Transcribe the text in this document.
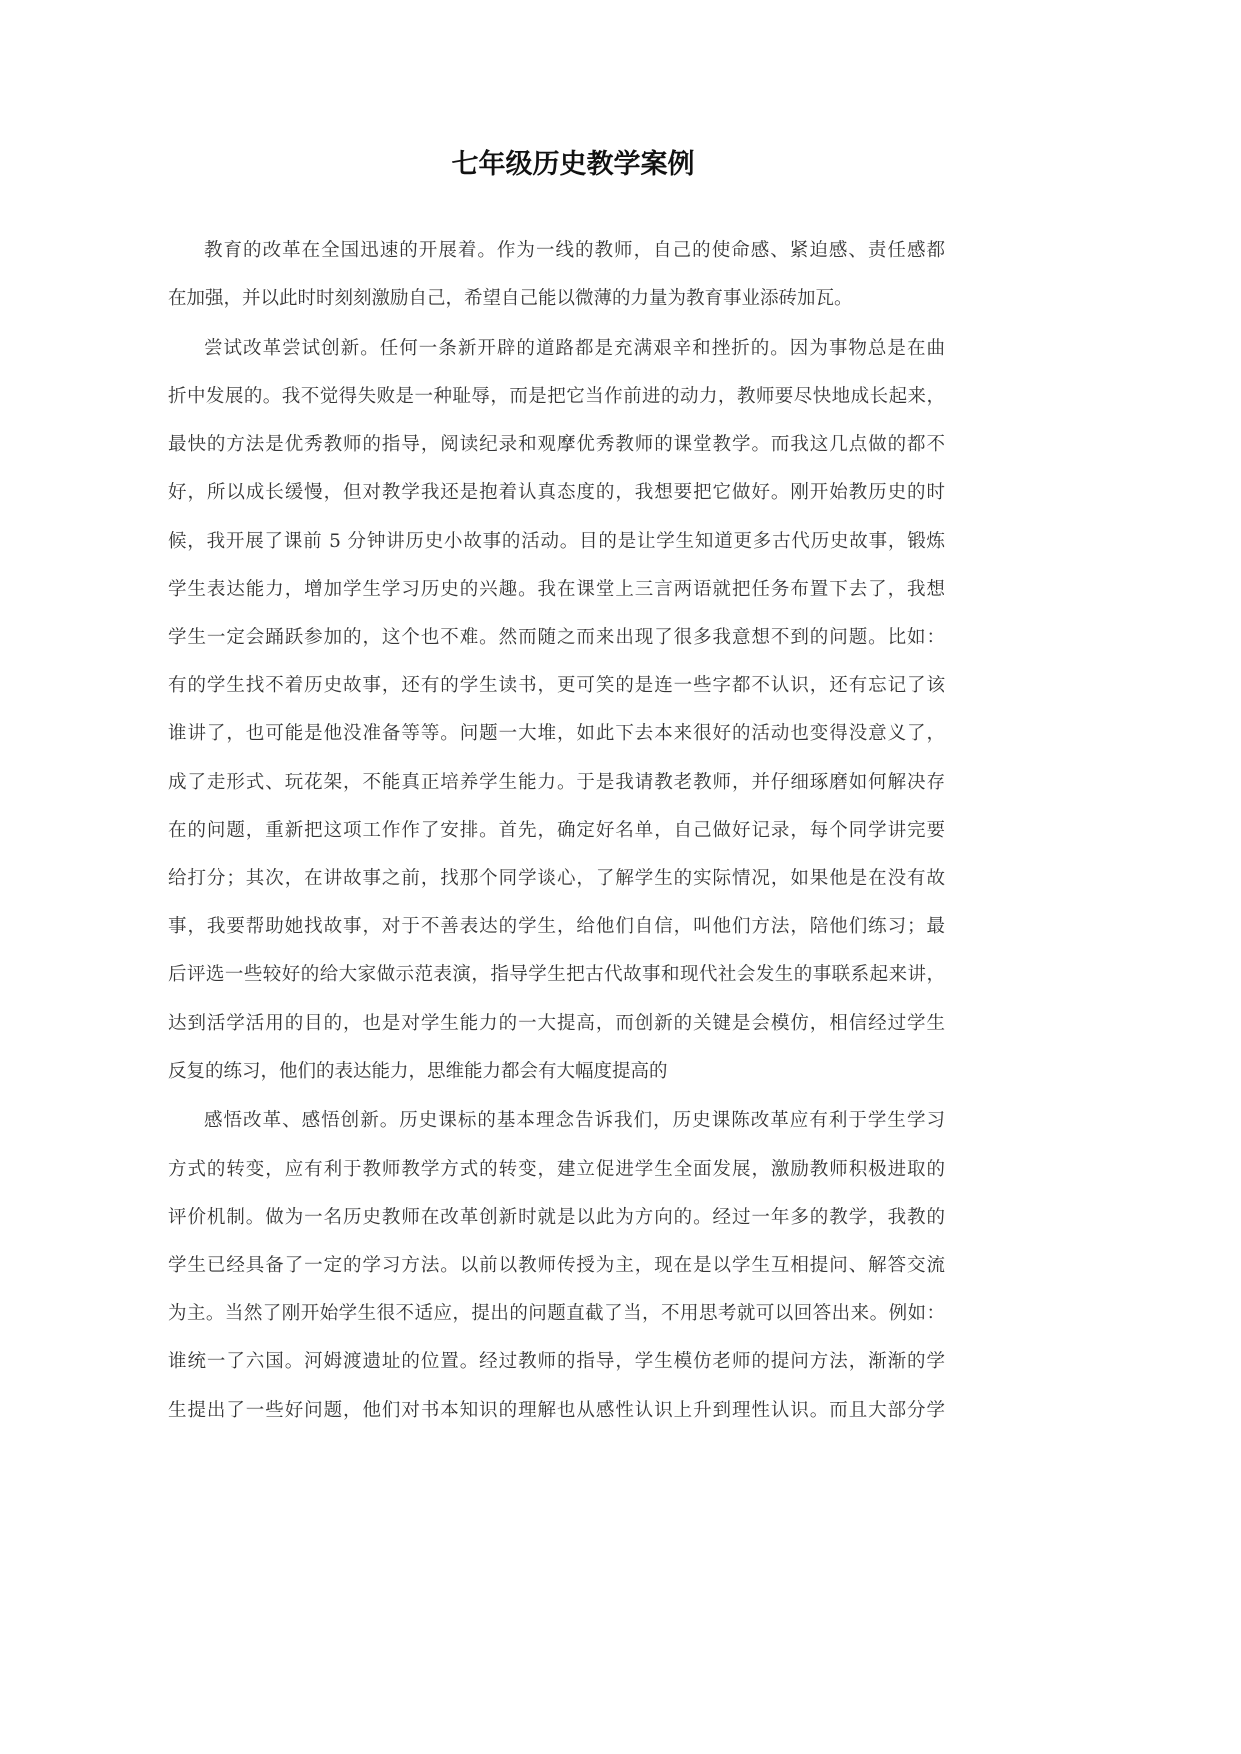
七年级历史教学案例
教育的改革在全国迅速的开展着。作为一线的教师，自己的使命感、紧迫感、责任感都
在加强，并以此时时刻刻激励自己，希望自己能以微薄的力量为教育事业添砖加瓦。
尝试改革尝试创新。任何一条新开辟的道路都是充满艰辛和挫折的。因为事物总是在曲
折中发展的。我不觉得失败是一种耻辱，而是把它当作前进的动力，教师要尽快地成长起来，
最快的方法是优秀教师的指导，阅读纪录和观摩优秀教师的课堂教学。而我这几点做的都不
好，所以成长缓慢，但对教学我还是抱着认真态度的，我想要把它做好。刚开始教历史的时
候，我开展了课前 5 分钟讲历史小故事的活动。目的是让学生知道更多古代历史故事，锻炼
学生表达能力，增加学生学习历史的兴趣。我在课堂上三言两语就把任务布置下去了，我想
学生一定会踊跃参加的，这个也不难。然而随之而来出现了很多我意想不到的问题。比如：
有的学生找不着历史故事，还有的学生读书，更可笑的是连一些字都不认识，还有忘记了该
谁讲了，也可能是他没准备等等。问题一大堆，如此下去本来很好的活动也变得没意义了，
成了走形式、玩花架，不能真正培养学生能力。于是我请教老教师，并仔细琢磨如何解决存
在的问题，重新把这项工作作了安排。首先，确定好名单，自己做好记录，每个同学讲完要
给打分；其次，在讲故事之前，找那个同学谈心，了解学生的实际情况，如果他是在没有故
事，我要帮助她找故事，对于不善表达的学生，给他们自信，叫他们方法，陪他们练习；最
后评选一些较好的给大家做示范表演，指导学生把古代故事和现代社会发生的事联系起来讲，
达到活学活用的目的，也是对学生能力的一大提高，而创新的关键是会模仿，相信经过学生
反复的练习，他们的表达能力，思维能力都会有大幅度提高的
感悟改革、感悟创新。历史课标的基本理念告诉我们，历史课陈改革应有利于学生学习
方式的转变，应有利于教师教学方式的转变，建立促进学生全面发展，激励教师积极进取的
评价机制。做为一名历史教师在改革创新时就是以此为方向的。经过一年多的教学，我教的
学生已经具备了一定的学习方法。以前以教师传授为主，现在是以学生互相提问、解答交流
为主。当然了刚开始学生很不适应，提出的问题直截了当，不用思考就可以回答出来。例如：
谁统一了六国。河姆渡遗址的位置。经过教师的指导，学生模仿老师的提问方法，渐渐的学
生提出了一些好问题，他们对书本知识的理解也从感性认识上升到理性认识。而且大部分学
